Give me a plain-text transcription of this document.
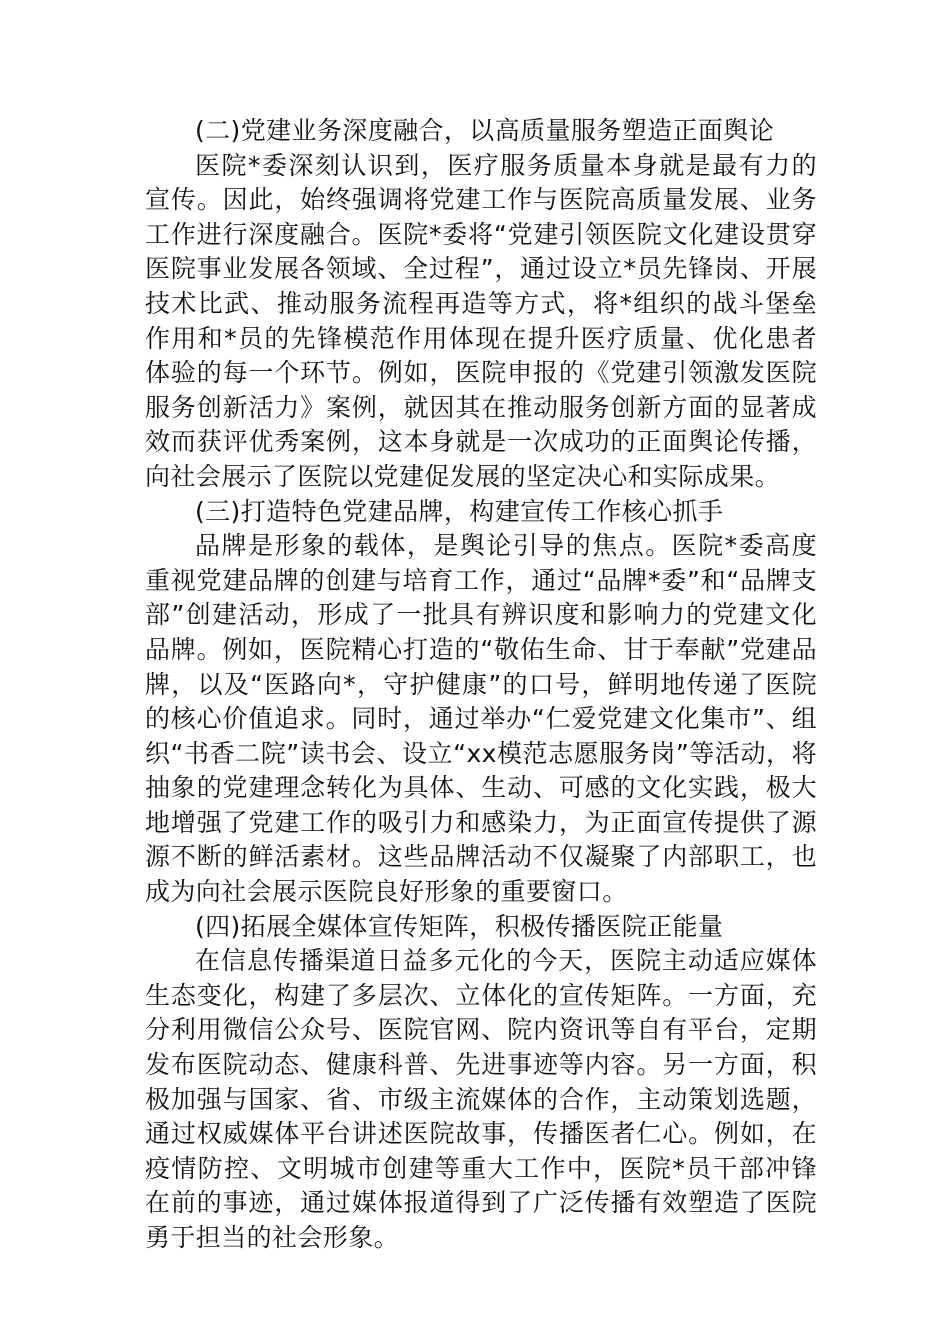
(二)党建业务深度融合，以高质量服务塑造正面舆论

医院*委深刻认识到，医疗服务质量本身就是最有力的宣传。因此，始终强调将党建工作与医院高质量发展、业务工作进行深度融合。医院*委将“党建引领医院文化建设贯穿医院事业发展各领域、全过程”，通过设立*员先锋岗、开展技术比武、推动服务流程再造等方式，将*组织的战斗堡垒作用和*员的先锋模范作用体现在提升医疗质量、优化患者体验的每一个环节。例如，医院申报的《党建引领激发医院服务创新活力》案例，就因其在推动服务创新方面的显著成效而获评优秀案例，这本身就是一次成功的正面舆论传播，向社会展示了医院以党建促发展的坚定决心和实际成果。

(三)打造特色党建品牌，构建宣传工作核心抓手

品牌是形象的载体，是舆论引导的焦点。医院*委高度重视党建品牌的创建与培育工作，通过“品牌*委”和“品牌支部”创建活动，形成了一批具有辨识度和影响力的党建文化品牌。例如，医院精心打造的“敬佑生命、甘于奉献”党建品牌，以及“医路向*，守护健康”的口号，鲜明地传递了医院的核心价值追求。同时，通过举办“仁爱党建文化集市”、组织“书香二院”读书会、设立“xx模范志愿服务岗”等活动，将抽象的党建理念转化为具体、生动、可感的文化实践，极大地增强了党建工作的吸引力和感染力，为正面宣传提供了源源不断的鲜活素材。这些品牌活动不仅凝聚了内部职工，也成为向社会展示医院良好形象的重要窗口。

(四)拓展全媒体宣传矩阵，积极传播医院正能量

在信息传播渠道日益多元化的今天，医院主动适应媒体生态变化，构建了多层次、立体化的宣传矩阵。一方面，充分利用微信公众号、医院官网、院内资讯等自有平台，定期发布医院动态、健康科普、先进事迹等内容。另一方面，积极加强与国家、省、市级主流媒体的合作，主动策划选题，通过权威媒体平台讲述医院故事，传播医者仁心。例如，在疫情防控、文明城市创建等重大工作中，医院*员干部冲锋在前的事迹，通过媒体报道得到了广泛传播有效塑造了医院勇于担当的社会形象。
